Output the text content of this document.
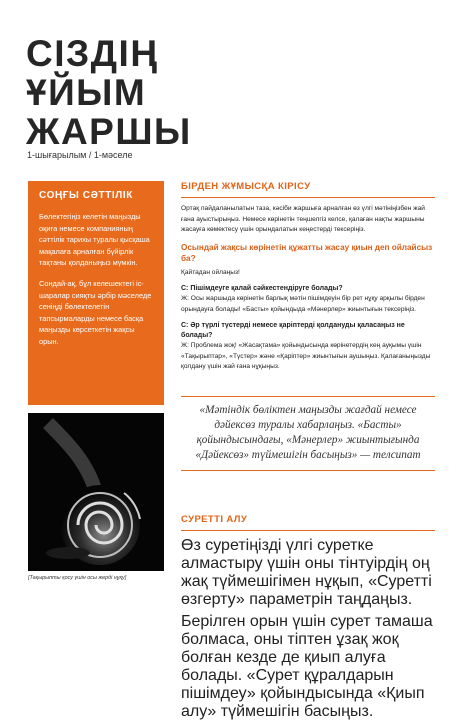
СІЗДІҢ
ҰЙЫМ
ЖАРШЫ
1-шығарылым / 1-мәселе
СОҢҒЫ СӘТТІЛІК

Бөлектегіңіз келетін маңызды оқиға немесе компанияның сәттілік тарихы туралы қысқаша мақалаға арналған бүйірлік тақтаны қолданыңыз мүмкін.

Сондай-ақ, бұл келешектегі іс-шаралар сияқты әрбір мәселеде сеніңді бөлектелетін тапсырмаларды немесе басқа маңызды көрсеткетін жақсы орын.

[Тақырыпты қосу үшін осы жерді нұқу]
БІРДЕН ЖҰМЫСҚА КІРІСУ

Ортақ пайдаланылатын таза, кәсіби жаршыға арналған өз үлгі мәтініңізбен жай ғана ауыстырыңыз. Немесе көрінетін теңшелгіз келсе, қалаған нақты жаршыны жасауға көмектесу үшін орындалатын кеңестерді тексеріңіз.

Осындай жақсы көрінетін құжатты жасау қиын деп ойлайсыз ба?

Қайтадан ойлаңыз!

С: Пішімдеуге қалай сәйкестендіруге болады?

Ж: Осы жаршыда көрінетін барлық мәтін пішімдеуін бір рет нұқу арқылы бірден орындауға болады! «Басты» қойындыда «Мәнерлер» жиынтығын тексеріңіз.

С: Әр түрлі түстерді немесе қаріптерді қолдануды қаласаңыз не болады?

Ж: Проблема жоқ! «Жасақтама» қойындысында көрінетердің кең ауқымы үшін «Тақырыптар», «Түстер» және «Қаріптер» жиынтығын аушыңыз. Қалағаныңызды қолдану үшін жай ғана нұқыңыз.

«Мәтіндік бөліктен маңызды жағдай немесе дәйексөз туралы хабарлаңыз. «Басты» қойындысындағы, «Мәнерлер» жиынтығында «Дәйексөз» түймешігін басыңыз» — телсипат
СУРЕТТІ АЛУ

Өз суретіңізді үлгі суретке алмастыру үшін оны тінтуірдің оң жақ түймешігімен нұқып, «Суретті өзгерту» параметрін таңдаңыз.

Берілген орын үшін сурет тамаша болмаса, оны тіптен ұзақ жоқ болған кезде де қиып алуға болады. «Сурет құралдарын пішімдеу» қойындысында «Қиып алу» түймешігін басыңыз.
